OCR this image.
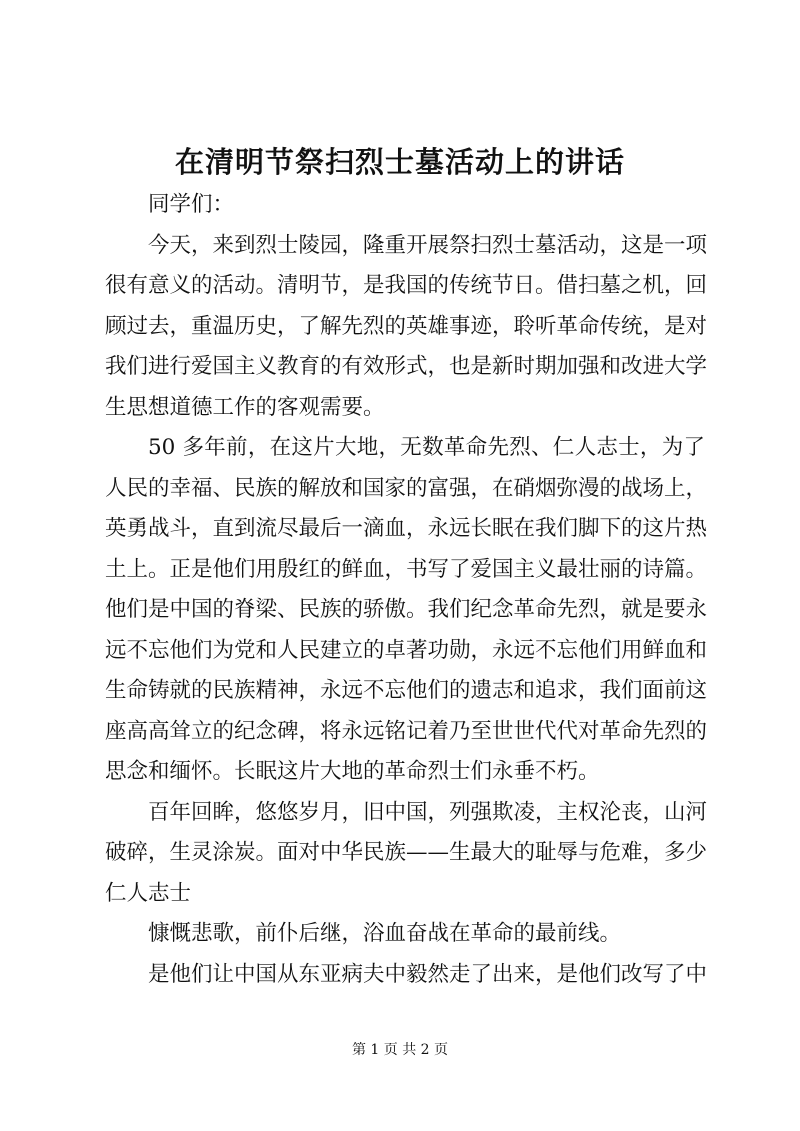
在清明节祭扫烈士墓活动上的讲话
同学们：
今天，来到烈士陵园，隆重开展祭扫烈士墓活动，这是一项
很有意义的活动。清明节，是我国的传统节日。借扫墓之机，回
顾过去，重温历史，了解先烈的英雄事迹，聆听革命传统，是对
我们进行爱国主义教育的有效形式，也是新时期加强和改进大学
生思想道德工作的客观需要。
50 多年前，在这片大地，无数革命先烈、仁人志士，为了
人民的幸福、民族的解放和国家的富强，在硝烟弥漫的战场上，
英勇战斗，直到流尽最后一滴血，永远长眠在我们脚下的这片热
土上。正是他们用殷红的鲜血，书写了爱国主义最壮丽的诗篇。
他们是中国的脊梁、民族的骄傲。我们纪念革命先烈，就是要永
远不忘他们为党和人民建立的卓著功勋，永远不忘他们用鲜血和
生命铸就的民族精神，永远不忘他们的遗志和追求，我们面前这
座高高耸立的纪念碑，将永远铭记着乃至世世代代对革命先烈的
思念和缅怀。长眠这片大地的革命烈士们永垂不朽。
百年回眸，悠悠岁月，旧中国，列强欺凌，主权沦丧，山河
破碎，生灵涂炭。面对中华民族——生最大的耻辱与危难，多少
仁人志士
慷慨悲歌，前仆后继，浴血奋战在革命的最前线。
是他们让中国从东亚病夫中毅然走了出来，是他们改写了中
第 1 页 共 2 页
